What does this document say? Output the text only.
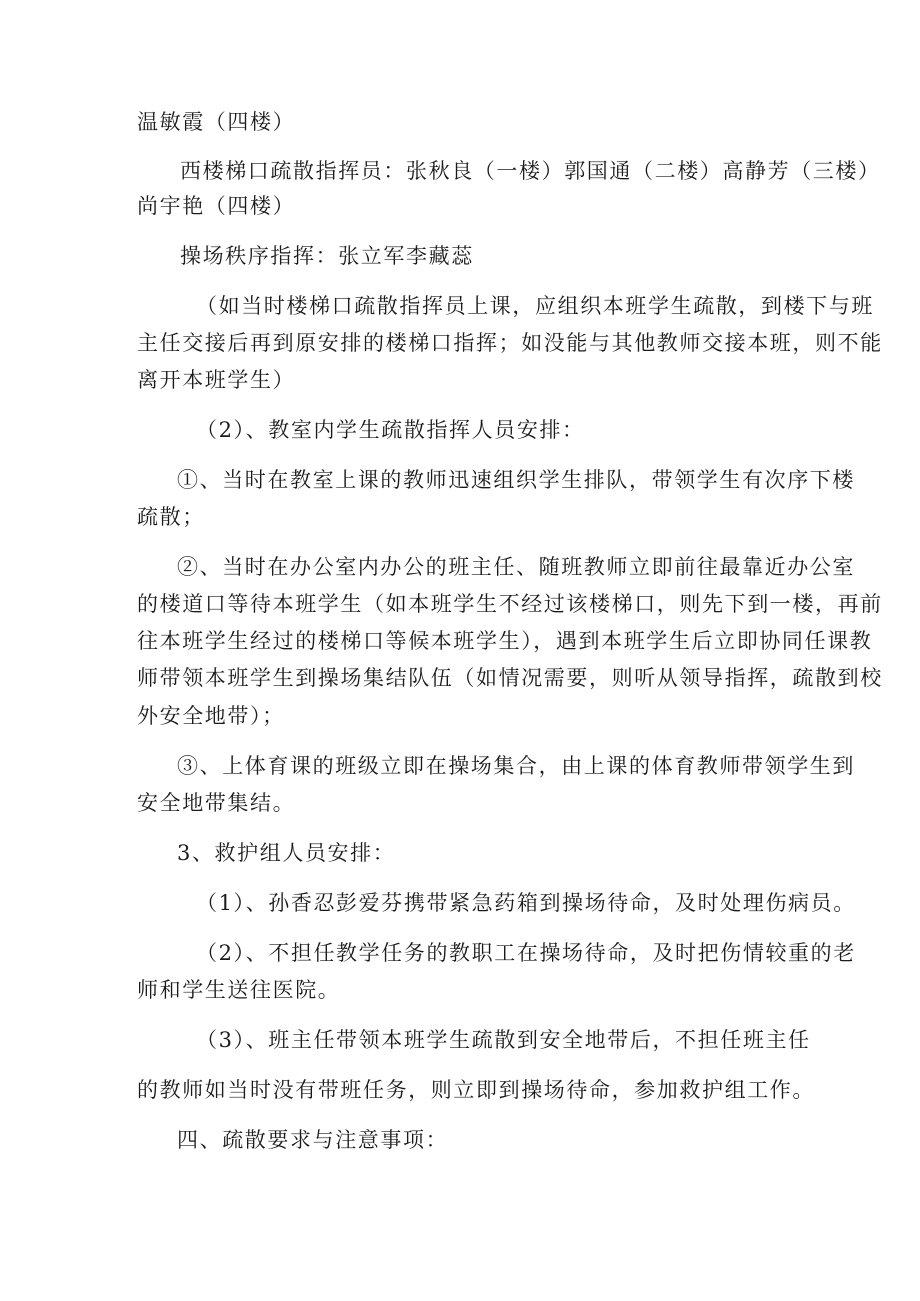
温敏霞（四楼）
西楼梯口疏散指挥员：张秋良（一楼）郭国通（二楼）高静芳（三楼）
尚宇艳（四楼）
操场秩序指挥：张立军李藏蕊
（如当时楼梯口疏散指挥员上课，应组织本班学生疏散，到楼下与班
主任交接后再到原安排的楼梯口指挥；如没能与其他教师交接本班，则不能
离开本班学生）
（2）、教室内学生疏散指挥人员安排：
①、当时在教室上课的教师迅速组织学生排队，带领学生有次序下楼
疏散；
②、当时在办公室内办公的班主任、随班教师立即前往最靠近办公室
的楼道口等待本班学生（如本班学生不经过该楼梯口，则先下到一楼，再前
往本班学生经过的楼梯口等候本班学生），遇到本班学生后立即协同任课教
师带领本班学生到操场集结队伍（如情况需要，则听从领导指挥，疏散到校
外安全地带）；
③、上体育课的班级立即在操场集合，由上课的体育教师带领学生到
安全地带集结。
3、救护组人员安排：
（1）、孙香忍彭爱芬携带紧急药箱到操场待命，及时处理伤病员。
（2）、不担任教学任务的教职工在操场待命，及时把伤情较重的老
师和学生送往医院。
（3）、班主任带领本班学生疏散到安全地带后，不担任班主任
的教师如当时没有带班任务，则立即到操场待命，参加救护组工作。
四、疏散要求与注意事项：
